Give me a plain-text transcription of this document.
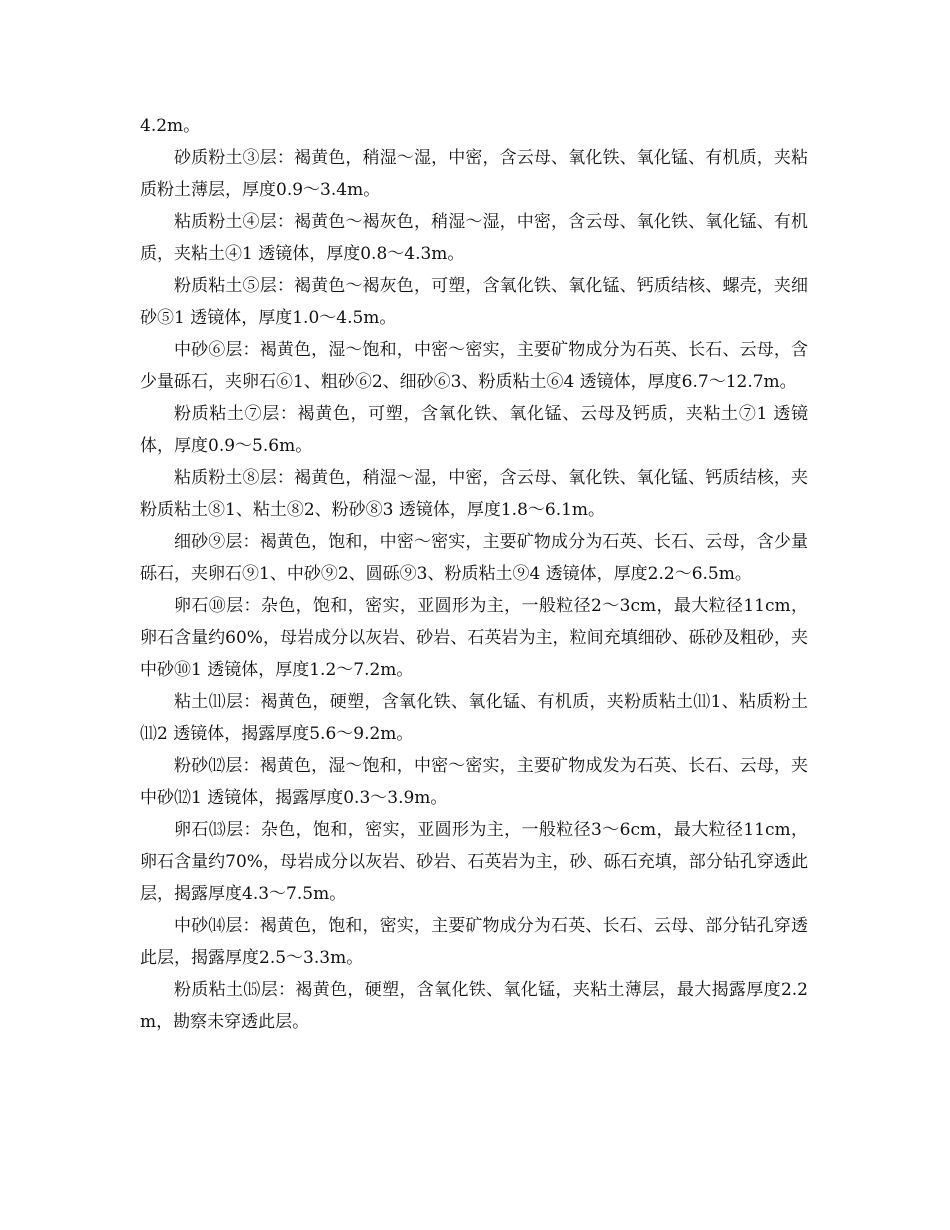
4.2m。

砂质粉土③层：褐黄色，稍湿～湿，中密，含云母、氧化铁、氧化锰、有机质，夹粘质粉土薄层，厚度0.9～3.4m。

粘质粉土④层：褐黄色～褐灰色，稍湿～湿，中密，含云母、氧化铁、氧化锰、有机质，夹粘土④1 透镜体，厚度0.8～4.3m。

粉质粘土⑤层：褐黄色～褐灰色，可塑，含氧化铁、氧化锰、钙质结核、螺壳，夹细砂⑤1 透镜体，厚度1.0～4.5m。

中砂⑥层：褐黄色，湿～饱和，中密～密实，主要矿物成分为石英、长石、云母，含少量砾石，夹卵石⑥1、粗砂⑥2、细砂⑥3、粉质粘土⑥4 透镜体，厚度6.7～12.7m。

粉质粘土⑦层：褐黄色，可塑，含氧化铁、氧化锰、云母及钙质，夹粘土⑦1 透镜体，厚度0.9～5.6m。

粘质粉土⑧层：褐黄色，稍湿～湿，中密，含云母、氧化铁、氧化锰、钙质结核，夹粉质粘土⑧1、粘土⑧2、粉砂⑧3 透镜体，厚度1.8～6.1m。

细砂⑨层：褐黄色，饱和，中密～密实，主要矿物成分为石英、长石、云母，含少量砾石，夹卵石⑨1、中砂⑨2、圆砾⑨3、粉质粘土⑨4 透镜体，厚度2.2～6.5m。

卵石⑩层：杂色，饱和，密实，亚圆形为主，一般粒径2～3cm，最大粒径11cm，卵石含量约60%，母岩成分以灰岩、砂岩、石英岩为主，粒间充填细砂、砾砂及粗砂，夹中砂⑩1 透镜体，厚度1.2～7.2m。

粘土⑾层：褐黄色，硬塑，含氧化铁、氧化锰、有机质，夹粉质粘土⑾1、粘质粉土⑾2 透镜体，揭露厚度5.6～9.2m。

粉砂⑿层：褐黄色，湿～饱和，中密～密实，主要矿物成发为石英、长石、云母，夹中砂⑿1 透镜体，揭露厚度0.3～3.9m。

卵石⒀层：杂色，饱和，密实，亚圆形为主，一般粒径3～6cm，最大粒径11cm，卵石含量约70%，母岩成分以灰岩、砂岩、石英岩为主，砂、砾石充填，部分钻孔穿透此层，揭露厚度4.3～7.5m。

中砂⒁层：褐黄色，饱和，密实，主要矿物成分为石英、长石、云母、部分钻孔穿透此层，揭露厚度2.5～3.3m。

粉质粘土⒂层：褐黄色，硬塑，含氧化铁、氧化锰，夹粘土薄层，最大揭露厚度2.2m，勘察未穿透此层。
